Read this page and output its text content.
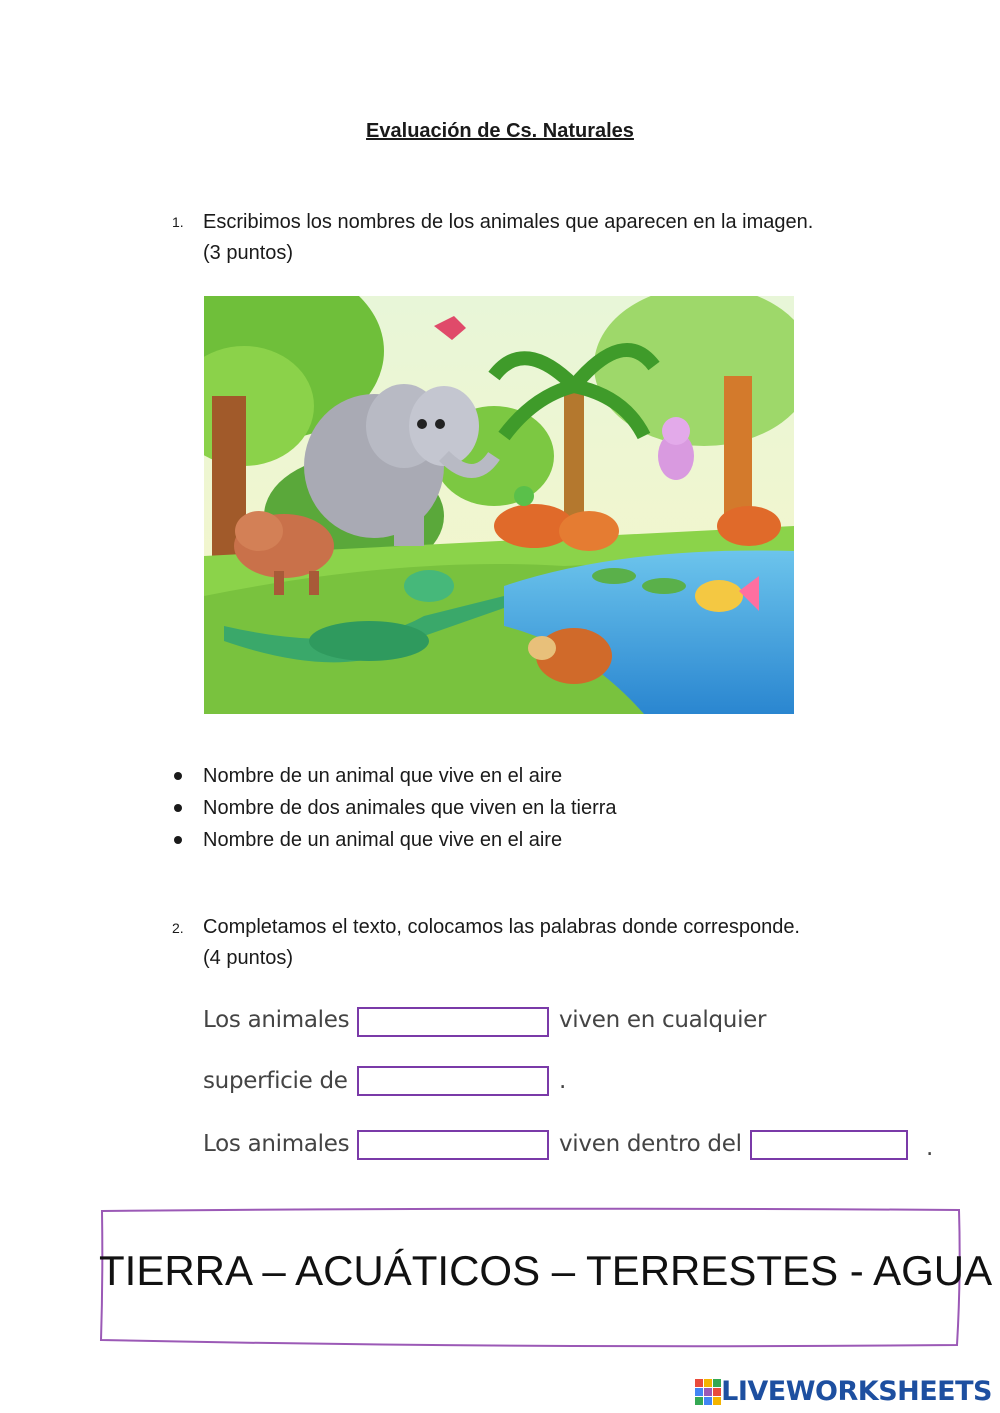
Evaluación de Cs. Naturales
1. Escribimos los nombres de los animales que aparecen en la imagen.
(3 puntos)
Nombre de un animal que vive en el aire
Nombre de dos animales que viven en la tierra
Nombre de un animal que vive en el aire
2. Completamos el texto, colocamos las palabras donde corresponde.
(4 puntos)
Los animales	viven en cualquier
superficie de	.
Los animales	viven dentro del	.
TIERRA – ACUÁTICOS – TERRESTES - AGUA
LIVEWORKSHEETS
